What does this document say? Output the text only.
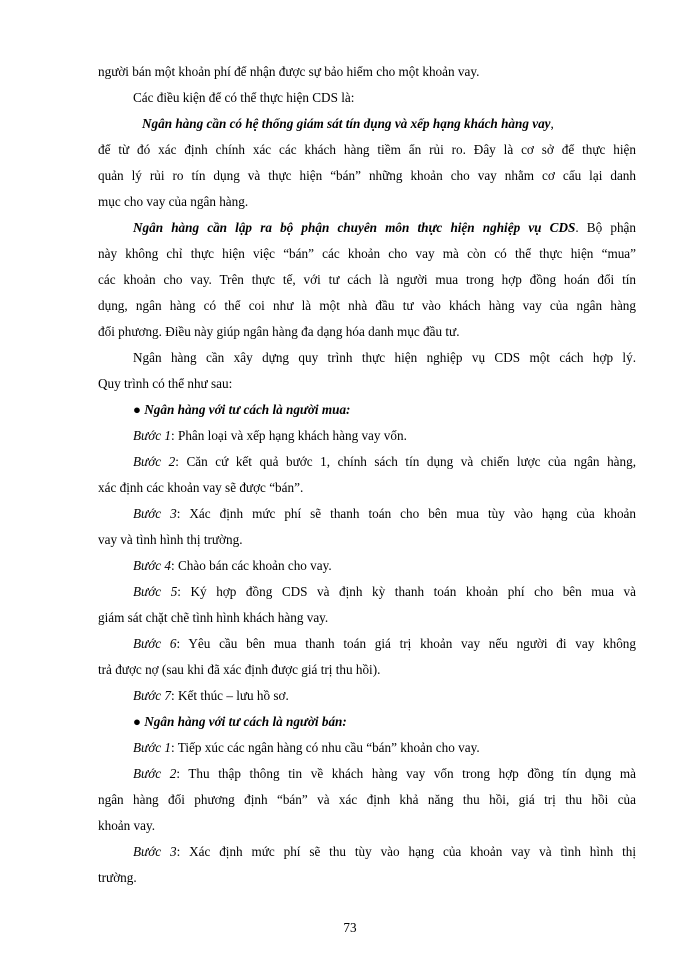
người bán một khoản phí để nhận được sự bảo hiểm cho một khoản vay.
Các điều kiện để có thể thực hiện CDS là:
Ngân hàng cần có hệ thống giám sát tín dụng và xếp hạng khách hàng vay,
để từ đó xác định chính xác các khách hàng tiềm ẩn rủi ro. Đây là cơ sở để thực hiện
quản lý rủi ro tín dụng và thực hiện “bán” những khoản cho vay nhằm cơ cấu lại danh
mục cho vay của ngân hàng.
Ngân hàng cần lập ra bộ phận chuyên môn thực hiện nghiệp vụ CDS. Bộ phận
này không chỉ thực hiện việc “bán” các khoản cho vay mà còn có thể thực hiện “mua”
các khoản cho vay. Trên thực tế, với tư cách là người mua trong hợp đồng hoán đổi tín
dụng, ngân hàng có thể coi như là một nhà đầu tư vào khách hàng vay của ngân hàng
đối phương. Điều này giúp ngân hàng đa dạng hóa danh mục đầu tư.
Ngân hàng cần xây dựng quy trình thực hiện nghiệp vụ CDS một cách hợp lý.
Quy trình có thể như sau:
● Ngân hàng với tư cách là người mua:
Bước 1: Phân loại và xếp hạng khách hàng vay vốn.
Bước 2: Căn cứ kết quả bước 1, chính sách tín dụng và chiến lược của ngân hàng,
xác định các khoản vay sẽ được “bán”.
Bước 3: Xác định mức phí sẽ thanh toán cho bên mua tùy vào hạng của khoản
vay và tình hình thị trường.
Bước 4: Chào bán các khoản cho vay.
Bước 5: Ký hợp đồng CDS và định kỳ thanh toán khoản phí cho bên mua và
giám sát chặt chẽ tình hình khách hàng vay.
Bước 6: Yêu cầu bên mua thanh toán giá trị khoản vay nếu người đi vay không
trả được nợ (sau khi đã xác định được giá trị thu hồi).
Bước 7: Kết thúc – lưu hồ sơ.
● Ngân hàng với tư cách là người bán:
Bước 1: Tiếp xúc các ngân hàng có nhu cầu “bán” khoản cho vay.
Bước 2: Thu thập thông tin về khách hàng vay vốn trong hợp đồng tín dụng mà
ngân hàng đối phương định “bán” và xác định khả năng thu hồi, giá trị thu hồi của
khoản vay.
Bước 3: Xác định mức phí sẽ thu tùy vào hạng của khoản vay và tình hình thị
trường.
73
